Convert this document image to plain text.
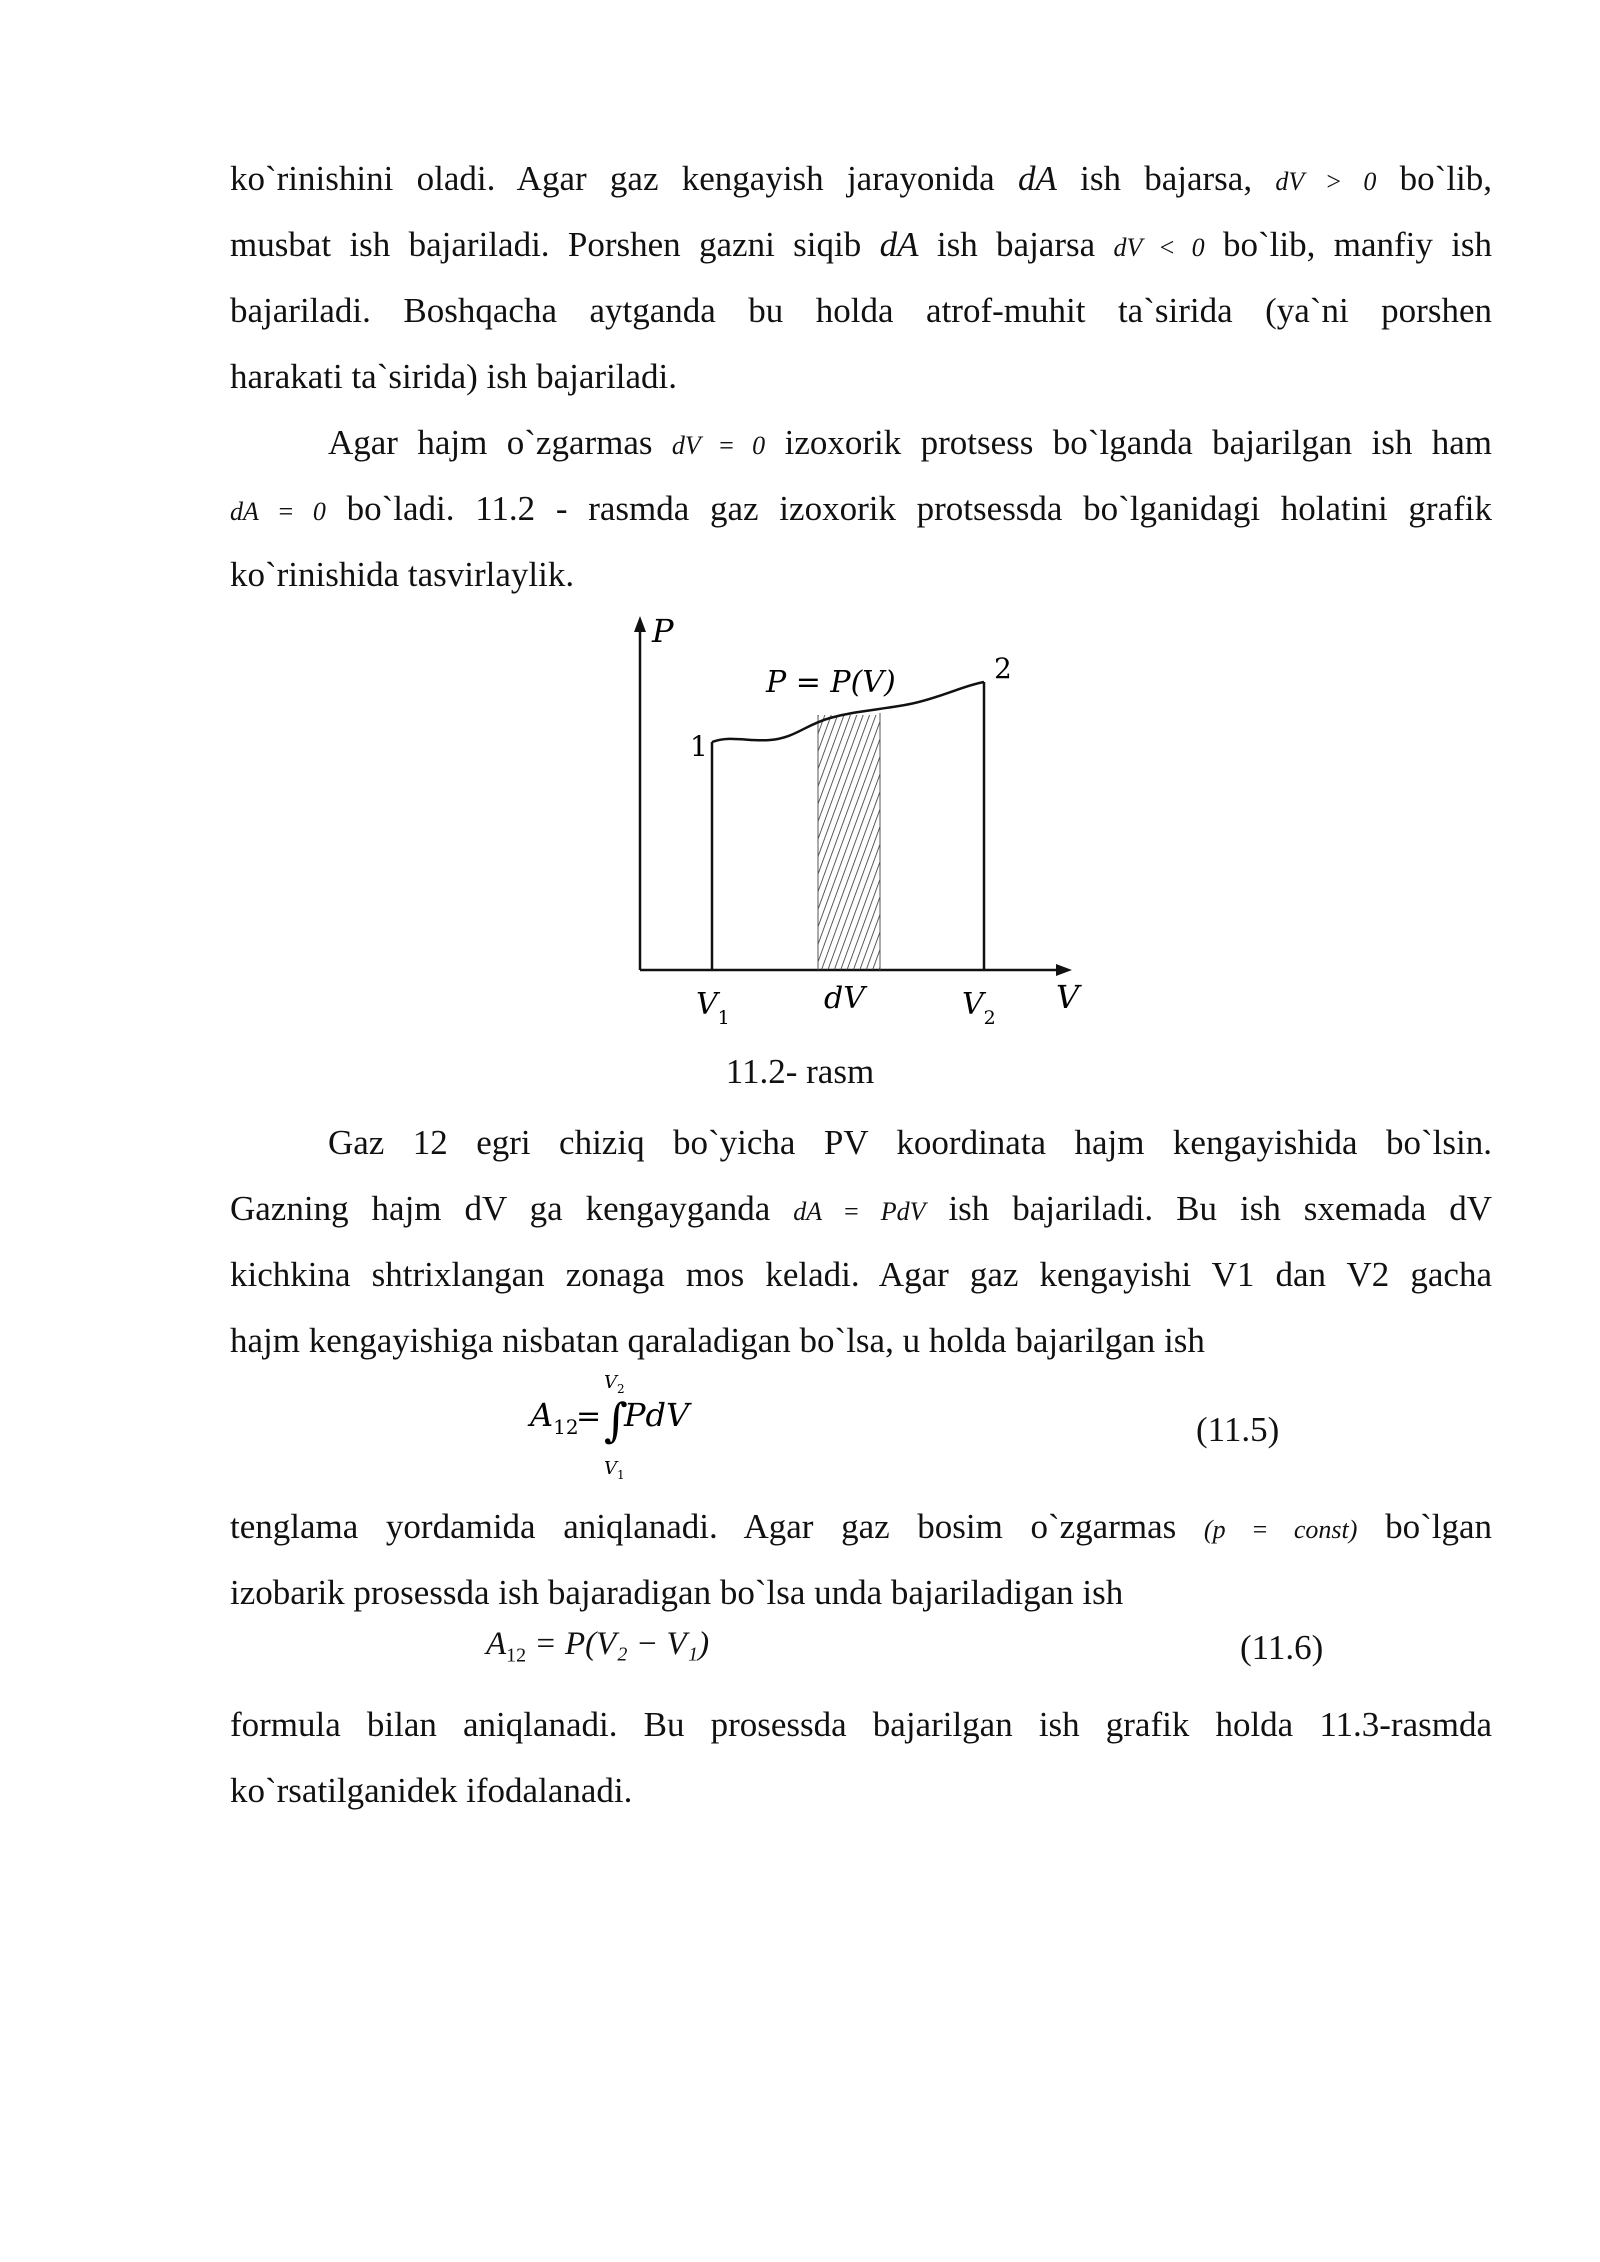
ko`rinishini oladi. Agar gaz kengayish jarayonida dA ish bajarsa, dV > 0 bo`lib,
musbat ish bajariladi. Porshen gazni siqib dA ish bajarsa dV < 0 bo`lib, manfiy ish
bajariladi. Boshqacha aytganda bu holda atrof-muhit ta`sirida (ya`ni porshen
harakati ta`sirida) ish bajariladi.
Agar hajm o`zgarmas dV = 0 izoxorik protsess bo`lganda bajarilgan ish ham
dA = 0 bo`ladi. 11.2 - rasmda gaz izoxorik protsessda bo`lganidagi holatini grafik
ko`rinishida tasvirlaylik.
P
P = P(V)	2
1
$V_1$
dV	$V_2$
V
11.2- rasm
Gaz 12 egri chiziq bo`yicha PV koordinata hajm kengayishida bo`lsin.
Gazning hajm dV ga kengayganda dA = PdV ish bajariladi. Bu ish sxemada dV
kichkina shtrixlangan zonaga mos keladi. Agar gaz kengayishi V1 dan V2 gacha
hajm kengayishiga nisbatan qaraladigan bo`lsa, u holda bajarilgan ish
$A_{12}$
=
$V_2$
∫
PdV
$V_1$
(11.5)
tenglama yordamida aniqlanadi. Agar gaz bosim o`zgarmas (p = const) bo`lgan
izobarik prosessda ish bajaradigan bo`lsa unda bajariladigan ish
$A_{12} = P(V_2 - V_1)$	(11.6)
formula bilan aniqlanadi. Bu prosessda bajarilgan ish grafik holda 11.3-rasmda
ko`rsatilganidek ifodalanadi.
